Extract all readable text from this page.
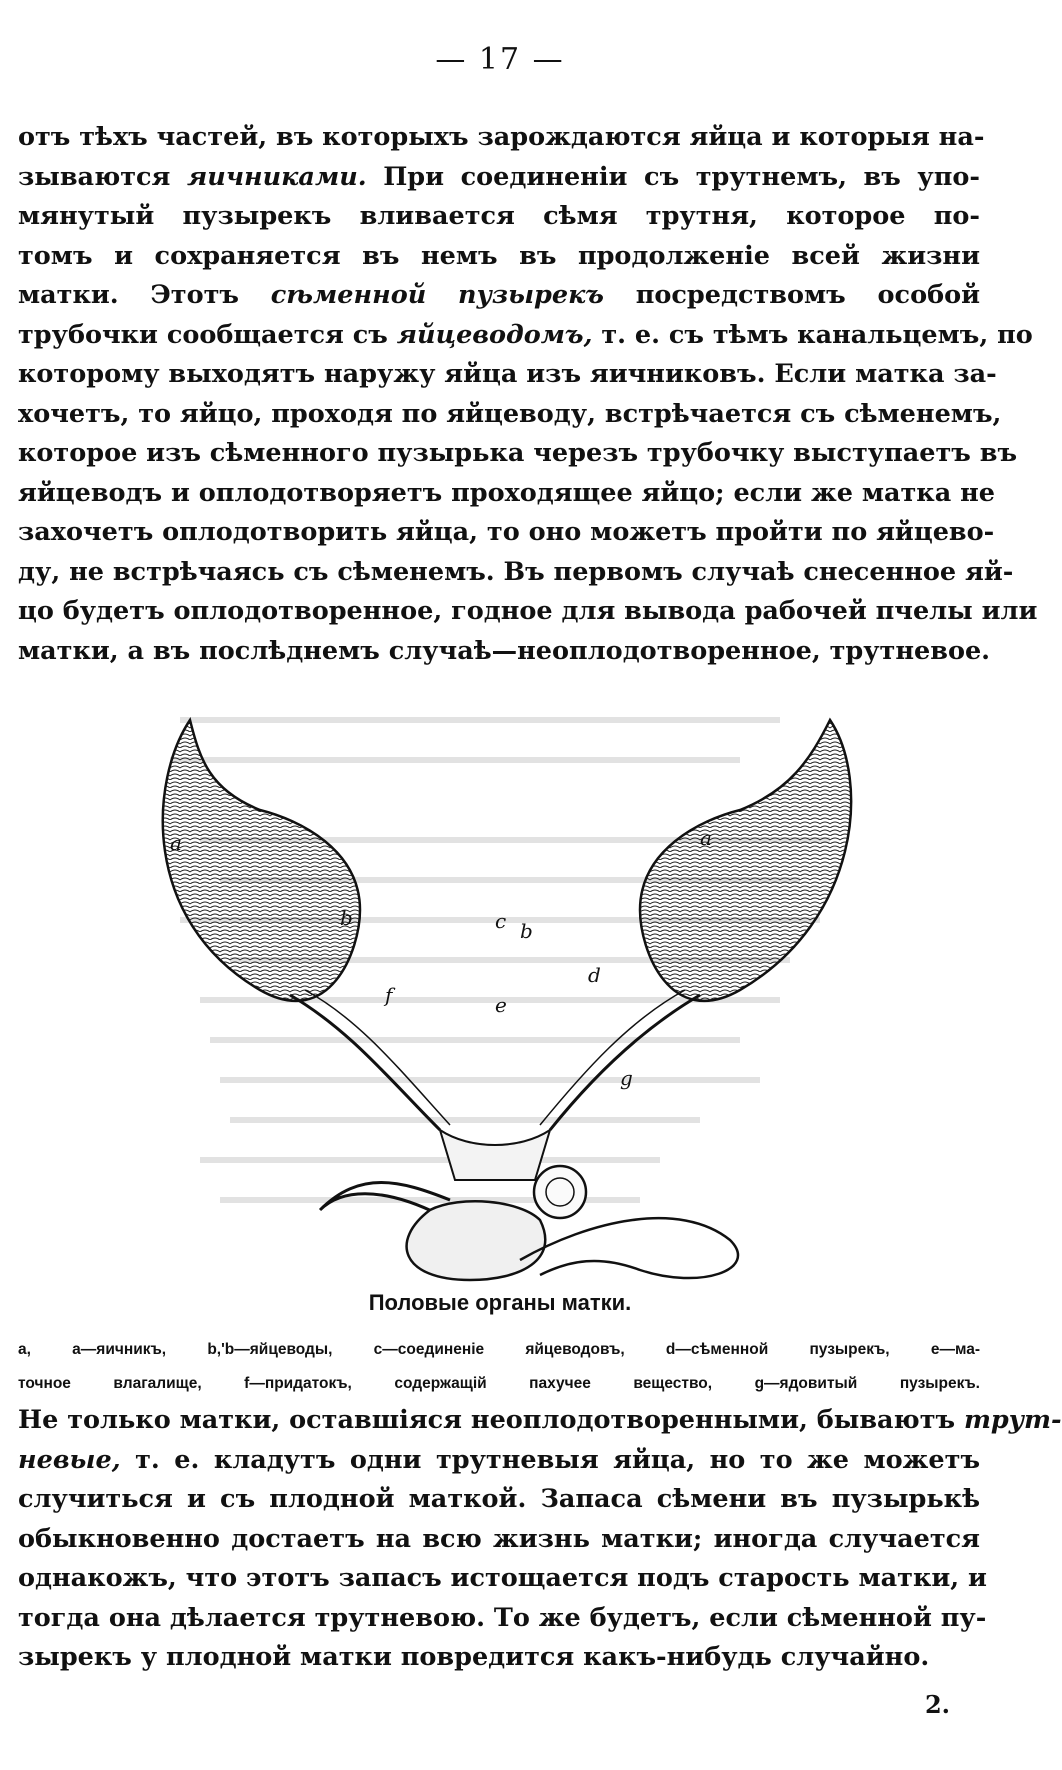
— 17 —
отъ тѣхъ частей, въ которыхъ зарождаются яйца и которыя на-
зываются яичниками. При соединеніи съ трутнемъ, въ упо-
мянутый пузырекъ вливается сѣмя трутня, которое по-
томъ и сохраняется въ немъ въ продолженіе всей жизни
матки. Этотъ сѣменной пузырекъ посредствомъ особой
трубочки сообщается съ яйцеводомъ, т. е. съ тѣмъ канальцемъ, по
которому выходятъ наружу яйца изъ яичниковъ. Если матка за-
хочетъ, то яйцо, проходя по яйцеводу, встрѣчается съ сѣменемъ,
которое изъ сѣменного пузырька черезъ трубочку выступаетъ въ
яйцеводъ и оплодотворяетъ проходящее яйцо; если же матка не
захочетъ оплодотворить яйца, то оно можетъ пройти по яйцево-
ду, не встрѣчаясь съ сѣменемъ. Въ первомъ случаѣ снесенное яй-
цо будетъ оплодотворенное, годное для вывода рабочей пчелы или
матки, а въ послѣднемъ случаѣ—неоплодотворенное, трутневое.
a	a
b
b
c
d
e
f
g
Половые органы матки.
a, a—яичникъ, b,'b—яйцеводы, c—соединеніе яйцеводовъ, d—сѣменной пузырекъ, e—ма-
точное влагалище, f—придатокъ, содержащій пахучее вещество, g—ядовитый пузырекъ.
Не только матки, оставшіяся неоплодотворенными, бываютъ трут-
невые, т. е. кладутъ одни трутневыя яйца, но то же можетъ
случиться и съ плодной маткой. Запаса сѣмени въ пузырькѣ
обыкновенно достаетъ на всю жизнь матки; иногда случается
однакожъ, что этотъ запасъ истощается подъ старость матки, и
тогда она дѣлается трутневою. То же будетъ, если сѣменной пу-
зырекъ у плодной матки повредится какъ-нибудь случайно.
2.
